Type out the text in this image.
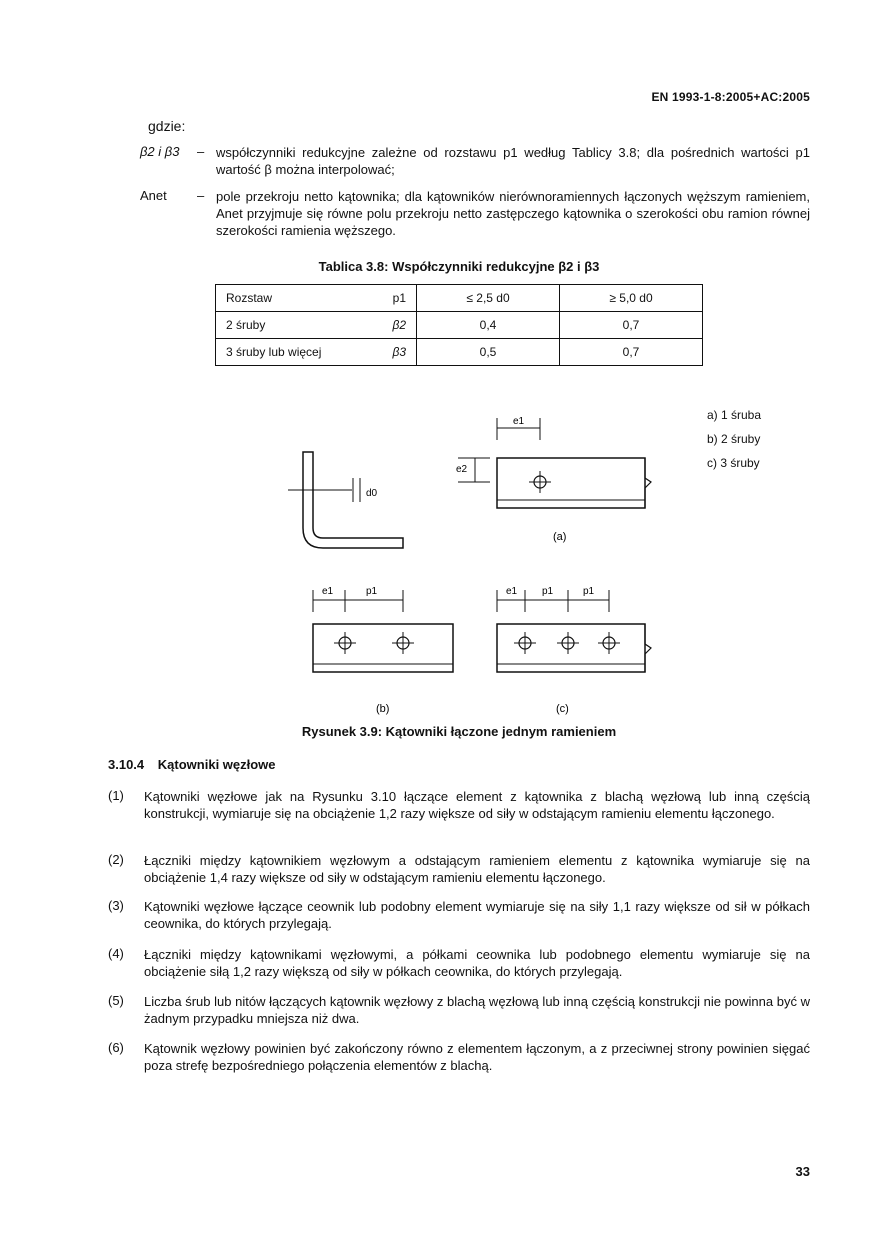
EN 1993-1-8:2005+AC:2005
gdzie:
β2 i β3 – współczynniki redukcyjne zależne od rozstawu p1 według Tablicy 3.8; dla pośrednich wartości p1 wartość β można interpolować;
Anet – pole przekroju netto kątownika; dla kątowników nierównoramiennych łączonych węższym ramieniem, Anet przyjmuje się równe polu przekroju netto zastępczego kątownika o szerokości obu ramion równej szerokości ramienia węższego.
Tablica 3.8: Współczynniki redukcyjne β2 i β3
Rozstaw p1	≤ 2,5 d0	≥ 5,0 d0
2 śruby β2	0,4	0,7
3 śruby lub więcej β3	0,5	0,7
d0
e1
e2
(a)
e1	p1
(b)
e1 p1	p1
(c)
a) 1 śruba
b) 2 śruby
c) 3 śruby
Rysunek 3.9: Kątowniki łączone jednym ramieniem
3.10.4 Kątowniki węzłowe
(1) Kątowniki węzłowe jak na Rysunku 3.10 łączące element z kątownika z blachą węzłową lub inną częścią konstrukcji, wymiaruje się na obciążenie 1,2 razy większe od siły w odstającym ramieniu elementu łączonego.
(2) Łączniki między kątownikiem węzłowym a odstającym ramieniem elementu z kątownika wymiaruje się na obciążenie 1,4 razy większe od siły w odstającym ramieniu elementu łączonego.
(3) Kątowniki węzłowe łączące ceownik lub podobny element wymiaruje się na siły 1,1 razy większe od sił w półkach ceownika, do których przylegają.
(4) Łączniki między kątownikami węzłowymi, a półkami ceownika lub podobnego elementu wymiaruje się na obciążenie siłą 1,2 razy większą od siły w półkach ceownika, do których przylegają.
(5) Liczba śrub lub nitów łączących kątownik węzłowy z blachą węzłową lub inną częścią konstrukcji nie powinna być w żadnym przypadku mniejsza niż dwa.
(6) Kątownik węzłowy powinien być zakończony równo z elementem łączonym, a z przeciwnej strony powinien sięgać poza strefę bezpośredniego połączenia elementów z blachą.
33
